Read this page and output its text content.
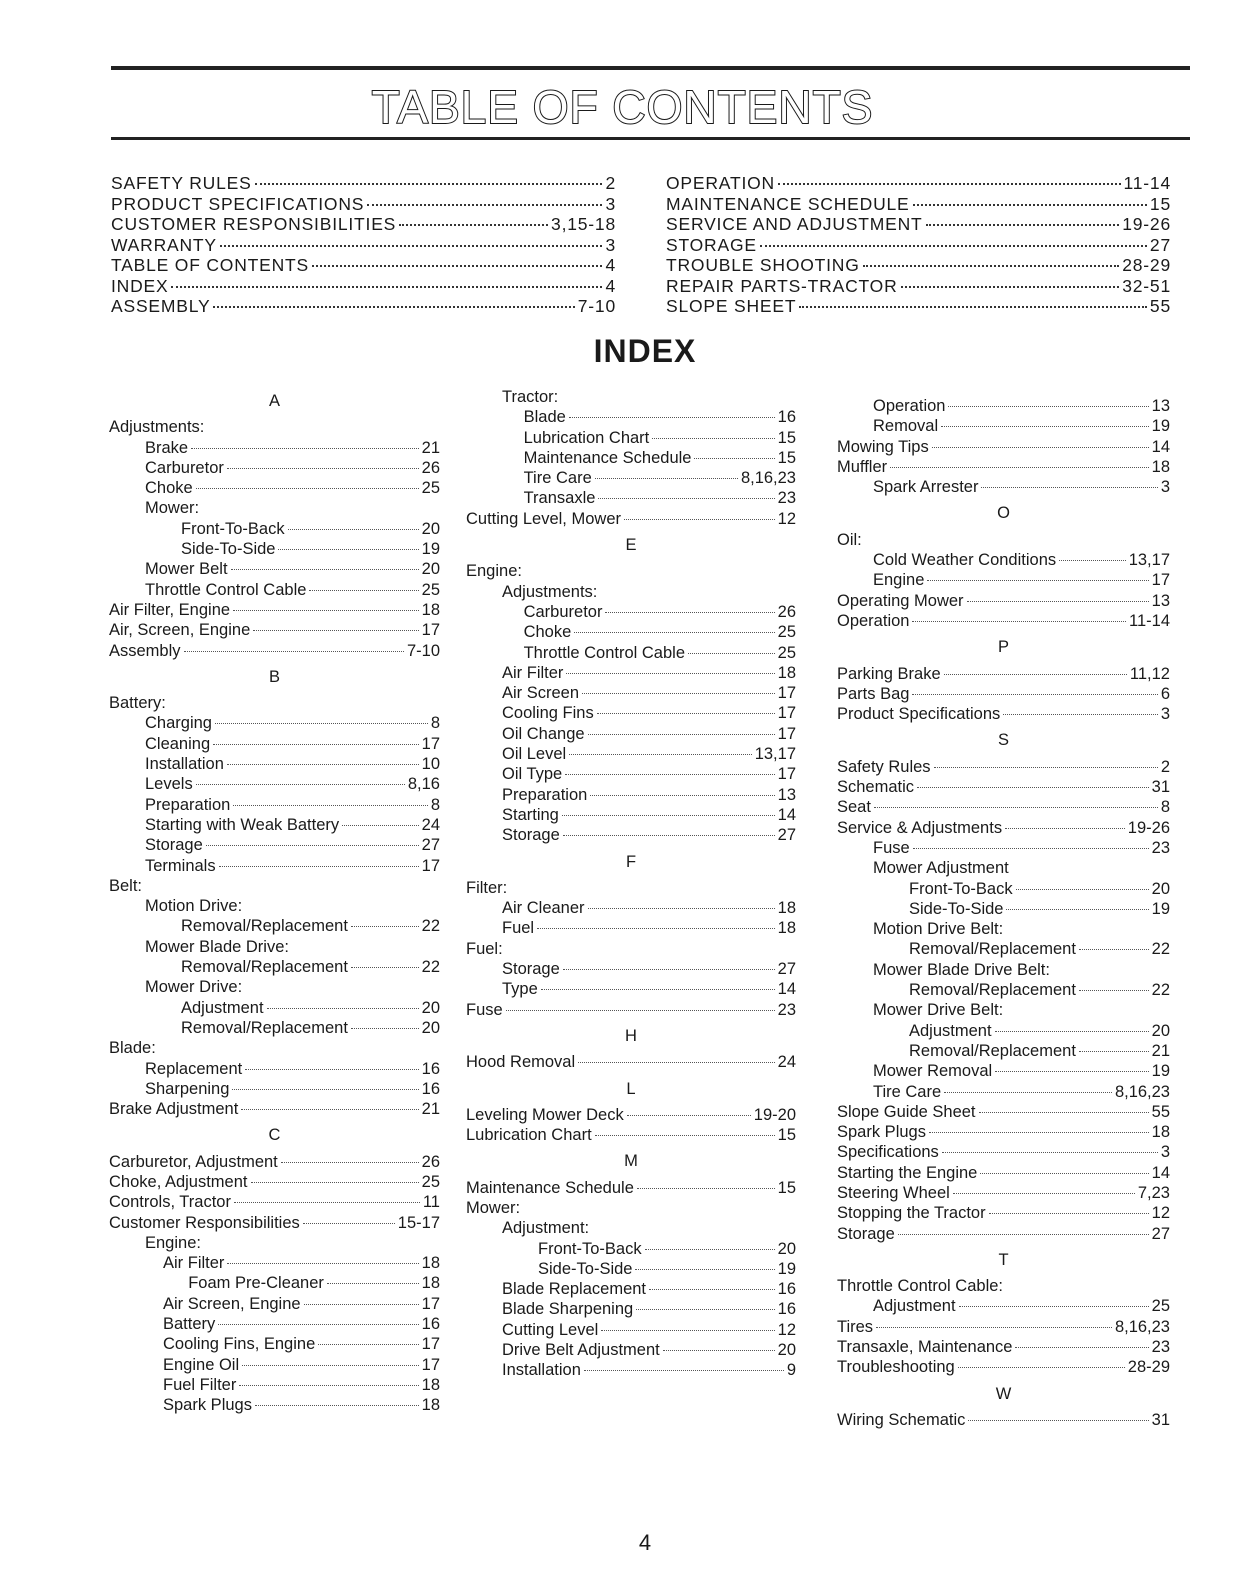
TABLE OF CONTENTS
SAFETY RULES	2
PRODUCT SPECIFICATIONS	3
CUSTOMER RESPONSIBILITIES	3,15-18
WARRANTY	3
TABLE OF CONTENTS	4
INDEX	4
ASSEMBLY	7-10
OPERATION	11-14
MAINTENANCE SCHEDULE	15
SERVICE AND ADJUSTMENT	19-26
STORAGE	27
TROUBLE SHOOTING	28-29
REPAIR PARTS-TRACTOR	32-51
SLOPE SHEET	55
INDEX
A
Adjustments:
Brake	21
Carburetor	26
Choke	25
Mower:
Front-To-Back	20
Side-To-Side	19
Mower Belt	20
Throttle Control Cable	25
Air Filter, Engine	18
Air, Screen, Engine	17
Assembly	7-10
B
Battery:
Charging	8
Cleaning	17
Installation	10
Levels	8,16
Preparation	8
Starting with Weak Battery	24
Storage	27
Terminals	17
Belt:
Motion Drive:
Removal/Replacement	22
Mower Blade Drive:
Removal/Replacement	22
Mower Drive:
Adjustment	20
Removal/Replacement	20
Blade:
Replacement	16
Sharpening	16
Brake Adjustment	21
C
Carburetor, Adjustment	26
Choke, Adjustment	25
Controls, Tractor	11
Customer Responsibilities	15-17
Engine:
Air Filter	18
Foam Pre-Cleaner	18
Air Screen, Engine	17
Battery	16
Cooling Fins, Engine	17
Engine Oil	17
Fuel Filter	18
Spark Plugs	18
Tractor:
Blade	16
Lubrication Chart	15
Maintenance Schedule	15
Tire Care	8,16,23
Transaxle	23
Cutting Level, Mower	12
E
Engine:
Adjustments:
Carburetor	26
Choke	25
Throttle Control Cable	25
Air Filter	18
Air Screen	17
Cooling Fins	17
Oil Change	17
Oil Level	13,17
Oil Type	17
Preparation	13
Starting	14
Storage	27
F
Filter:
Air Cleaner	18
Fuel	18
Fuel:
Storage	27
Type	14
Fuse	23
H
Hood Removal	24
L
Leveling Mower Deck	19-20
Lubrication Chart	15
M
Maintenance Schedule	15
Mower:
Adjustment:
Front-To-Back	20
Side-To-Side	19
Blade Replacement	16
Blade Sharpening	16
Cutting Level	12
Drive Belt Adjustment	20
Installation	9
Operation	13
Removal	19
Mowing Tips	14
Muffler	18
Spark Arrester	3
O
Oil:
Cold Weather Conditions	13,17
Engine	17
Operating Mower	13
Operation	11-14
P
Parking Brake	11,12
Parts Bag	6
Product Specifications	3
S
Safety Rules	2
Schematic	31
Seat	8
Service & Adjustments	19-26
Fuse	23
Mower Adjustment
Front-To-Back	20
Side-To-Side	19
Motion Drive Belt:
Removal/Replacement	22
Mower Blade Drive Belt:
Removal/Replacement	22
Mower Drive Belt:
Adjustment	20
Removal/Replacement	21
Mower Removal	19
Tire Care	8,16,23
Slope Guide Sheet	55
Spark Plugs	18
Specifications	3
Starting the Engine	14
Steering Wheel	7,23
Stopping the Tractor	12
Storage	27
T
Throttle Control Cable:
Adjustment	25
Tires	8,16,23
Transaxle, Maintenance	23
Troubleshooting	28-29
W
Wiring Schematic	31
4
